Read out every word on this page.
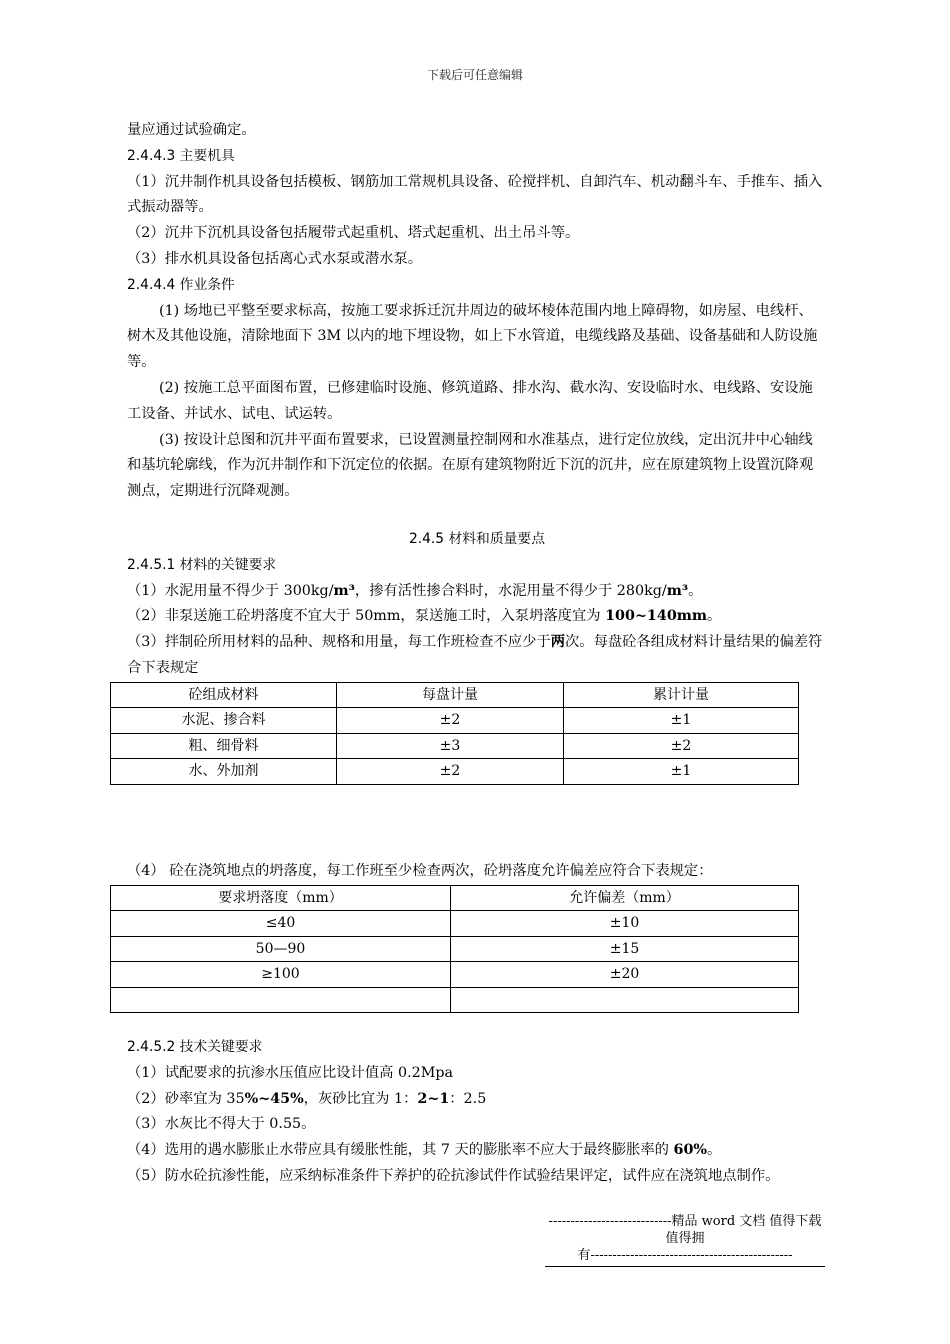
下载后可任意编辑

量应通过试验确定。

2.4.4.3 主要机具

（1）沉井制作机具设备包括模板、钢筋加工常规机具设备、砼搅拌机、自卸汽车、机动翻斗车、手推车、插入式振动器等。

（2）沉井下沉机具设备包括履带式起重机、塔式起重机、出土吊斗等。

（3）排水机具设备包括离心式水泵或潜水泵。

2.4.4.4 作业条件

(1) 场地已平整至要求标高，按施工要求拆迁沉井周边的破坏棱体范围内地上障碍物，如房屋、电线杆、树木及其他设施，清除地面下 3M 以内的地下埋设物，如上下水管道，电缆线路及基础、设备基础和人防设施等。

(2) 按施工总平面图布置，已修建临时设施、修筑道路、排水沟、截水沟、安设临时水、电线路、安设施工设备、并试水、试电、试运转。

(3) 按设计总图和沉井平面布置要求，已设置测量控制网和水准基点，进行定位放线，定出沉井中心轴线和基坑轮廓线，作为沉井制作和下沉定位的依据。在原有建筑物附近下沉的沉井，应在原建筑物上设置沉降观测点，定期进行沉降观测。

2.4.5 材料和质量要点

2.4.5.1 材料的关键要求

（1）水泥用量不得少于 300kg/m³，掺有活性掺合料时，水泥用量不得少于 280kg/m³。

（2）非泵送施工砼坍落度不宜大于 50mm，泵送施工时，入泵坍落度宜为 100~140mm。

（3）拌制砼所用材料的品种、规格和用量，每工作班检查不应少于两次。每盘砼各组成材料计量结果的偏差符合下表规定

砼组成材料	每盘计量	累计计量
水泥、掺合料	±2	±1
粗、细骨料	±3	±2
水、外加剂	±2	±1

（4） 砼在浇筑地点的坍落度，每工作班至少检查两次，砼坍落度允许偏差应符合下表规定：

要求坍落度（mm）	允许偏差（mm）
≤40	±10
50—90	±15
≥100	±20

2.4.5.2 技术关键要求

（1）试配要求的抗渗水压值应比设计值高 0.2Mpa

（2）砂率宜为 35%~45%，灰砂比宜为 1：2~1：2.5

（3）水灰比不得大于 0.55。

（4）选用的遇水膨胀止水带应具有缓胀性能，其 7 天的膨胀率不应大于最终膨胀率的 60%。

（5）防水砼抗渗性能，应采纳标准条件下养护的砼抗渗试件作试验结果评定，试件应在浇筑地点制作。

----------------------------精品 word 文档 值得下载 值得拥
有----------------------------------------------
